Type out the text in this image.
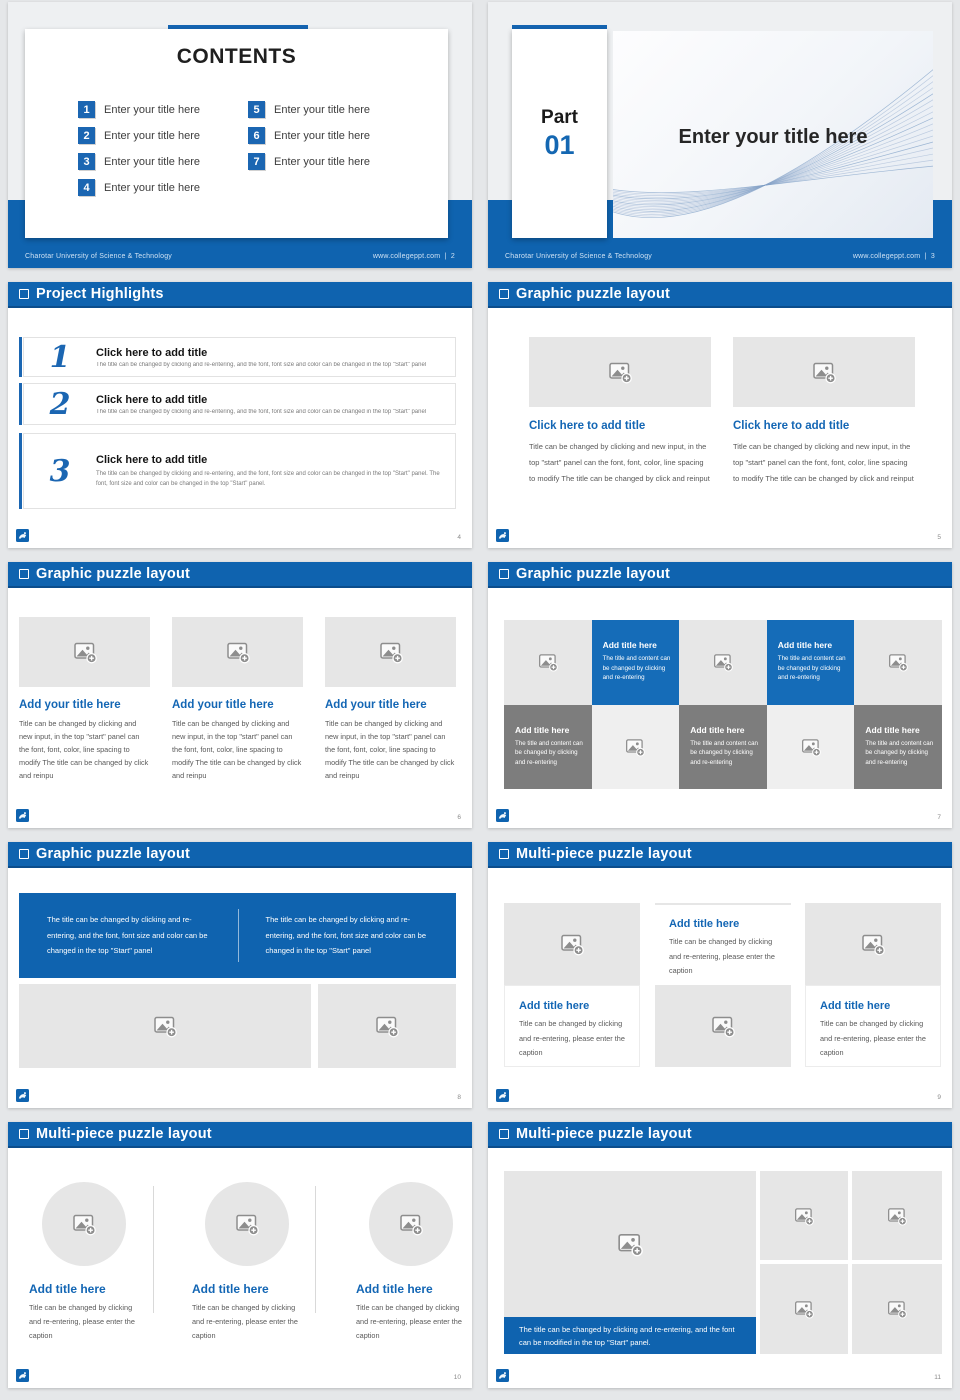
CONTENTS
1	Enter your title here
2	Enter your title here
3	Enter your title here
4	Enter your title here
5	Enter your title here
6	Enter your title here
7	Enter your title here
Charotar University of Science & Technology	www.collegeppt.com | 2
Part
01	Enter your title here
Charotar University of Science & Technology	www.collegeppt.com | 3
Project Highlights
1	Click here to add title
The title can be changed by clicking and re-entering, and the font, font size and color can be changed in the top "Start" panel
2	Click here to add title
The title can be changed by clicking and re-entering, and the font, font size and color can be changed in the top "Start" panel
3	Click here to add title
The title can be changed by clicking and re-entering, and the font, font size and color can be changed in the top "Start" panel. The font, font size and color can be changed in the top "Start" panel.
4
Graphic puzzle layout
Click here to add title
Title can be changed by clicking and new input, in the top "start" panel can the font, font, color, line spacing to modify The title can be changed by click and reinput
Click here to add title
Title can be changed by clicking and new input, in the top "start" panel can the font, font, color, line spacing to modify The title can be changed by click and reinput
5
Graphic puzzle layout
Add your title here
Title can be changed by clicking and new input, in the top "start" panel can the font, font, color, line spacing to modify The title can be changed by click and reinpu
Add your title here
Title can be changed by clicking and new input, in the top "start" panel can the font, font, color, line spacing to modify The title can be changed by click and reinpu
Add your title here
Title can be changed by clicking and new input, in the top "start" panel can the font, font, color, line spacing to modify The title can be changed by click and reinpu
6
Graphic puzzle layout
Add title here
The title and content can be changed by clicking and re-entering
Add title here
The title and content can be changed by clicking and re-entering
Add title here
The title and content can be changed by clicking and re-entering
Add title here
The title and content can be changed by clicking and re-entering
Add title here
The title and content can be changed by clicking and re-entering
7
Graphic puzzle layout
The title can be changed by clicking and re-entering, and the font, font size and color can be changed in the top "Start" panel
The title can be changed by clicking and re-entering, and the font, font size and color can be changed in the top "Start" panel
8
Multi-piece puzzle layout
Add title here
Title can be changed by clicking and re-entering, please enter the caption
Add title here
Title can be changed by clicking and re-entering, please enter the caption
Add title here
Title can be changed by clicking and re-entering, please enter the caption
9
Multi-piece puzzle layout
Add title here
Title can be changed by clicking and re-entering, please enter the caption
Add title here
Title can be changed by clicking and re-entering, please enter the caption
Add title here
Title can be changed by clicking and re-entering, please enter the caption
10
Multi-piece puzzle layout
The title can be changed by clicking and re-entering, and the font can be modified in the top "Start" panel.
11
